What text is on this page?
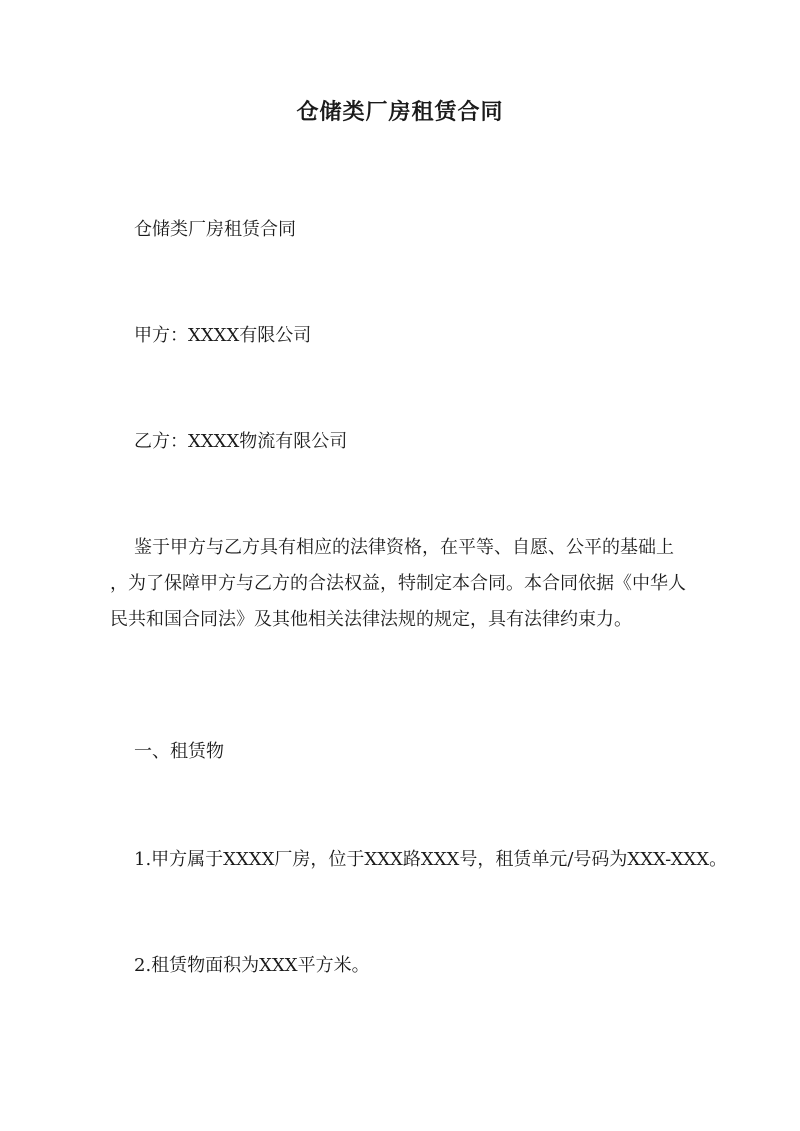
仓储类厂房租赁合同

仓储类厂房租赁合同

甲方：XXXX有限公司

乙方：XXXX物流有限公司

鉴于甲方与乙方具有相应的法律资格，在平等、自愿、公平的基础上
，为了保障甲方与乙方的合法权益，特制定本合同。本合同依据《中华人
民共和国合同法》及其他相关法律法规的规定，具有法律约束力。

一、租赁物

1.甲方属于XXXX厂房，位于XXX路XXX号，租赁单元/号码为XXX-XXX。

2.租赁物面积为XXX平方米。
